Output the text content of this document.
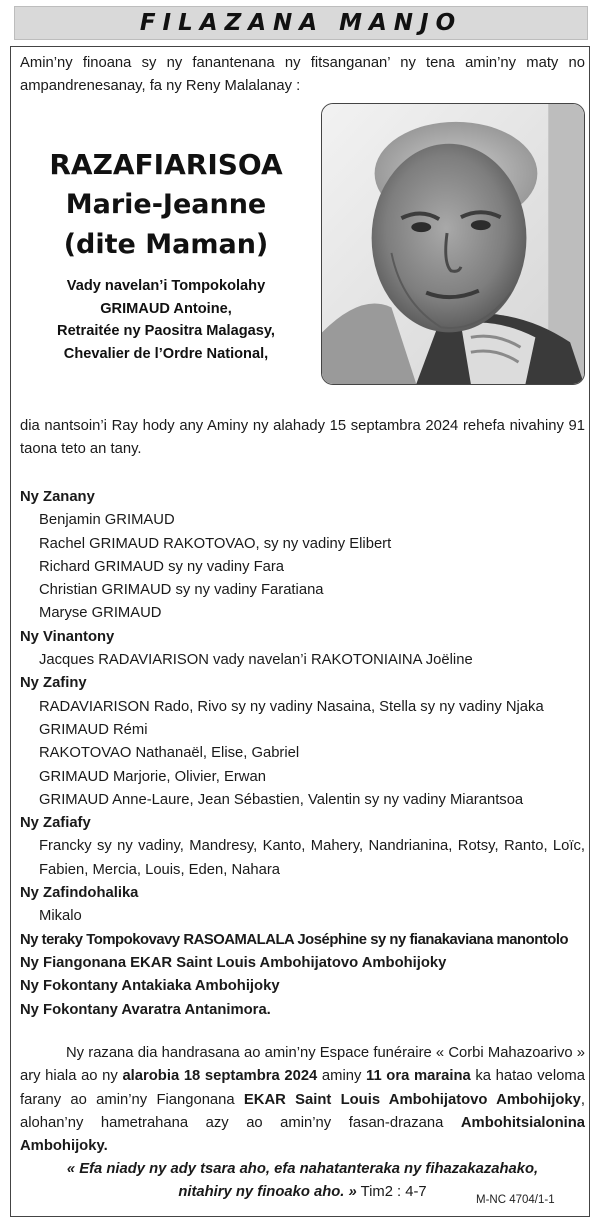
FILAZANA MANJO
Amin’ny finoana sy ny fanantenana ny fitsanganan’ ny tena amin’ny maty no ampandrenesanay, fa ny Reny Malalanay :
RAZAFIARISOA
Marie-Jeanne
(dite Maman)
Vady navelan’i Tompokolahy
GRIMAUD Antoine,
Retraitée ny Paositra Malagasy,
Chevalier de l’Ordre National,
dia nantsoin’i Ray hody any Aminy ny alahady 15 septambra 2024 rehefa nivahiny 91 taona teto an tany.
Ny Zanany
Benjamin GRIMAUD
Rachel GRIMAUD RAKOTOVAO, sy ny vadiny Elibert
Richard GRIMAUD sy ny vadiny Fara
Christian GRIMAUD sy ny vadiny Faratiana
Maryse GRIMAUD
Ny Vinantony
Jacques RADAVIARISON vady navelan’i RAKOTONIAINA Joëline
Ny Zafiny
RADAVIARISON Rado, Rivo sy ny vadiny Nasaina, Stella sy ny vadiny Njaka
GRIMAUD Rémi
RAKOTOVAO Nathanaël, Elise, Gabriel
GRIMAUD Marjorie, Olivier, Erwan
GRIMAUD Anne-Laure, Jean Sébastien, Valentin sy ny vadiny Miarantsoa
Ny Zafiafy
Francky sy ny vadiny, Mandresy, Kanto, Mahery, Nandrianina, Rotsy, Ranto, Loïc, Fabien, Mercia, Louis, Eden, Nahara
Ny Zafindohalika
Mikalo
Ny teraky Tompokovavy RASOAMALALA Joséphine sy ny fianakaviana manontolo
Ny Fiangonana EKAR Saint Louis Ambohijatovo Ambohijoky
Ny Fokontany Antakiaka Ambohijoky
Ny Fokontany Avaratra Antanimora.
Ny razana dia handrasana ao amin’ny Espace funéraire « Corbi Mahazoarivo » ary hiala ao ny alarobia 18 septambra 2024 aminy 11 ora maraina ka hatao veloma farany ao amin’ny Fiangonana EKAR Saint Louis Ambohijatovo Ambohijoky, alohan’ny hametrahana azy ao amin’ny fasan-drazana Ambohitsialonina Ambohijoky.
« Efa niady ny ady tsara aho, efa nahatanteraka ny fihazakazahako,
nitahiry ny finoako aho. » Tim2 : 4-7	M-NC 4704/1-1
